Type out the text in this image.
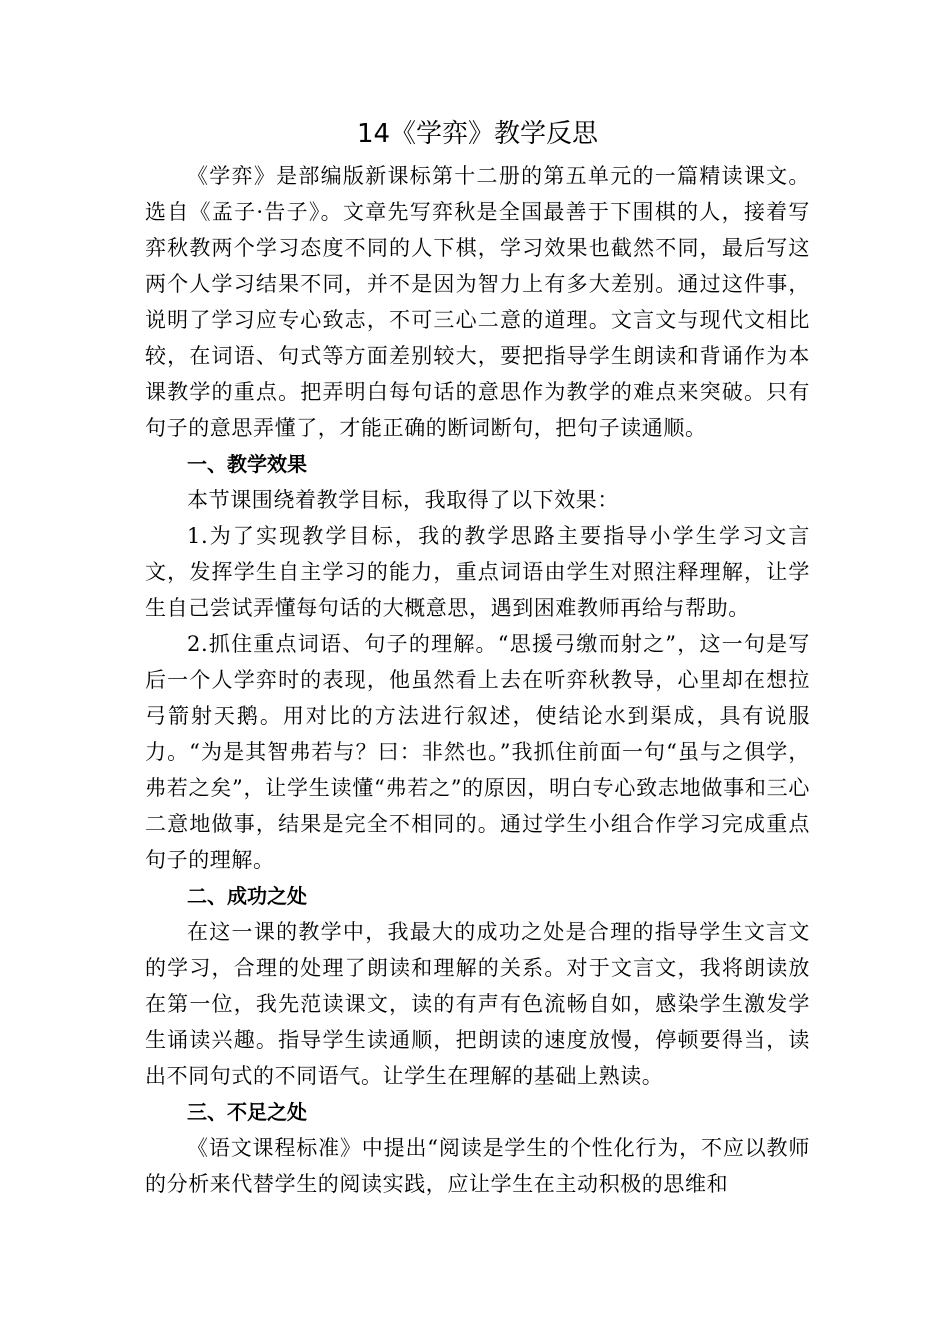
14《学弈》教学反思

《学弈》是部编版新课标第十二册的第五单元的一篇精读课文。选自《孟子·告子》。文章先写弈秋是全国最善于下围棋的人，接着写弈秋教两个学习态度不同的人下棋，学习效果也截然不同，最后写这两个人学习结果不同，并不是因为智力上有多大差别。通过这件事，说明了学习应专心致志，不可三心二意的道理。文言文与现代文相比较，在词语、句式等方面差别较大，要把指导学生朗读和背诵作为本课教学的重点。把弄明白每句话的意思作为教学的难点来突破。只有句子的意思弄懂了，才能正确的断词断句，把句子读通顺。

一、教学效果

本节课围绕着教学目标，我取得了以下效果：

1.为了实现教学目标，我的教学思路主要指导小学生学习文言文，发挥学生自主学习的能力，重点词语由学生对照注释理解，让学生自己尝试弄懂每句话的大概意思，遇到困难教师再给与帮助。

2.抓住重点词语、句子的理解。“思援弓缴而射之”，这一句是写后一个人学弈时的表现，他虽然看上去在听弈秋教导，心里却在想拉弓箭射天鹅。用对比的方法进行叙述，使结论水到渠成，具有说服力。“为是其智弗若与？曰：非然也。”我抓住前面一句“虽与之俱学，弗若之矣”，让学生读懂“弗若之”的原因，明白专心致志地做事和三心二意地做事，结果是完全不相同的。通过学生小组合作学习完成重点句子的理解。

二、成功之处

在这一课的教学中，我最大的成功之处是合理的指导学生文言文的学习，合理的处理了朗读和理解的关系。对于文言文，我将朗读放在第一位，我先范读课文，读的有声有色流畅自如，感染学生激发学生诵读兴趣。指导学生读通顺，把朗读的速度放慢，停顿要得当，读出不同句式的不同语气。让学生在理解的基础上熟读。

三、不足之处

《语文课程标准》中提出“阅读是学生的个性化行为，不应以教师的分析来代替学生的阅读实践，应让学生在主动积极的思维和
